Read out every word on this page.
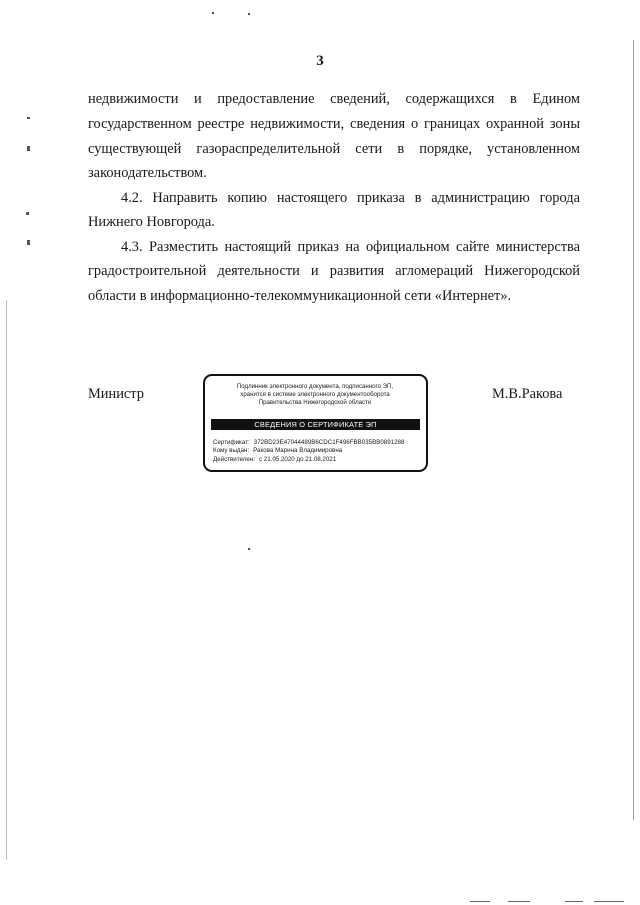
3
недвижимости и предоставление сведений, содержащихся в Едином
государственном реестре недвижимости, сведения о границах охранной зоны
существующей газораспределительной сети в порядке, установленном
законодательством.
4.2. Направить копию настоящего приказа в администрацию города
Нижнего Новгорода.
4.3. Разместить настоящий приказ на официальном сайте министерства
градостроительной деятельности и развития агломераций Нижегородской
области в информационно-телекоммуникационной сети «Интернет».
Министр	М.В.Ракова
Подлинник электронного документа, подписанного ЭП,
хранится в системе электронного документооборота
Правительства Нижегородской области
СВЕДЕНИЯ О СЕРТИФИКАТЕ ЭП
Сертификат: 372BD23E47044489B6CDC1F496FBB035BB0891288
Кому выдан: Ракова Марина Владимировна
Действителен: с 21.05.2020 до 21.08.2021
